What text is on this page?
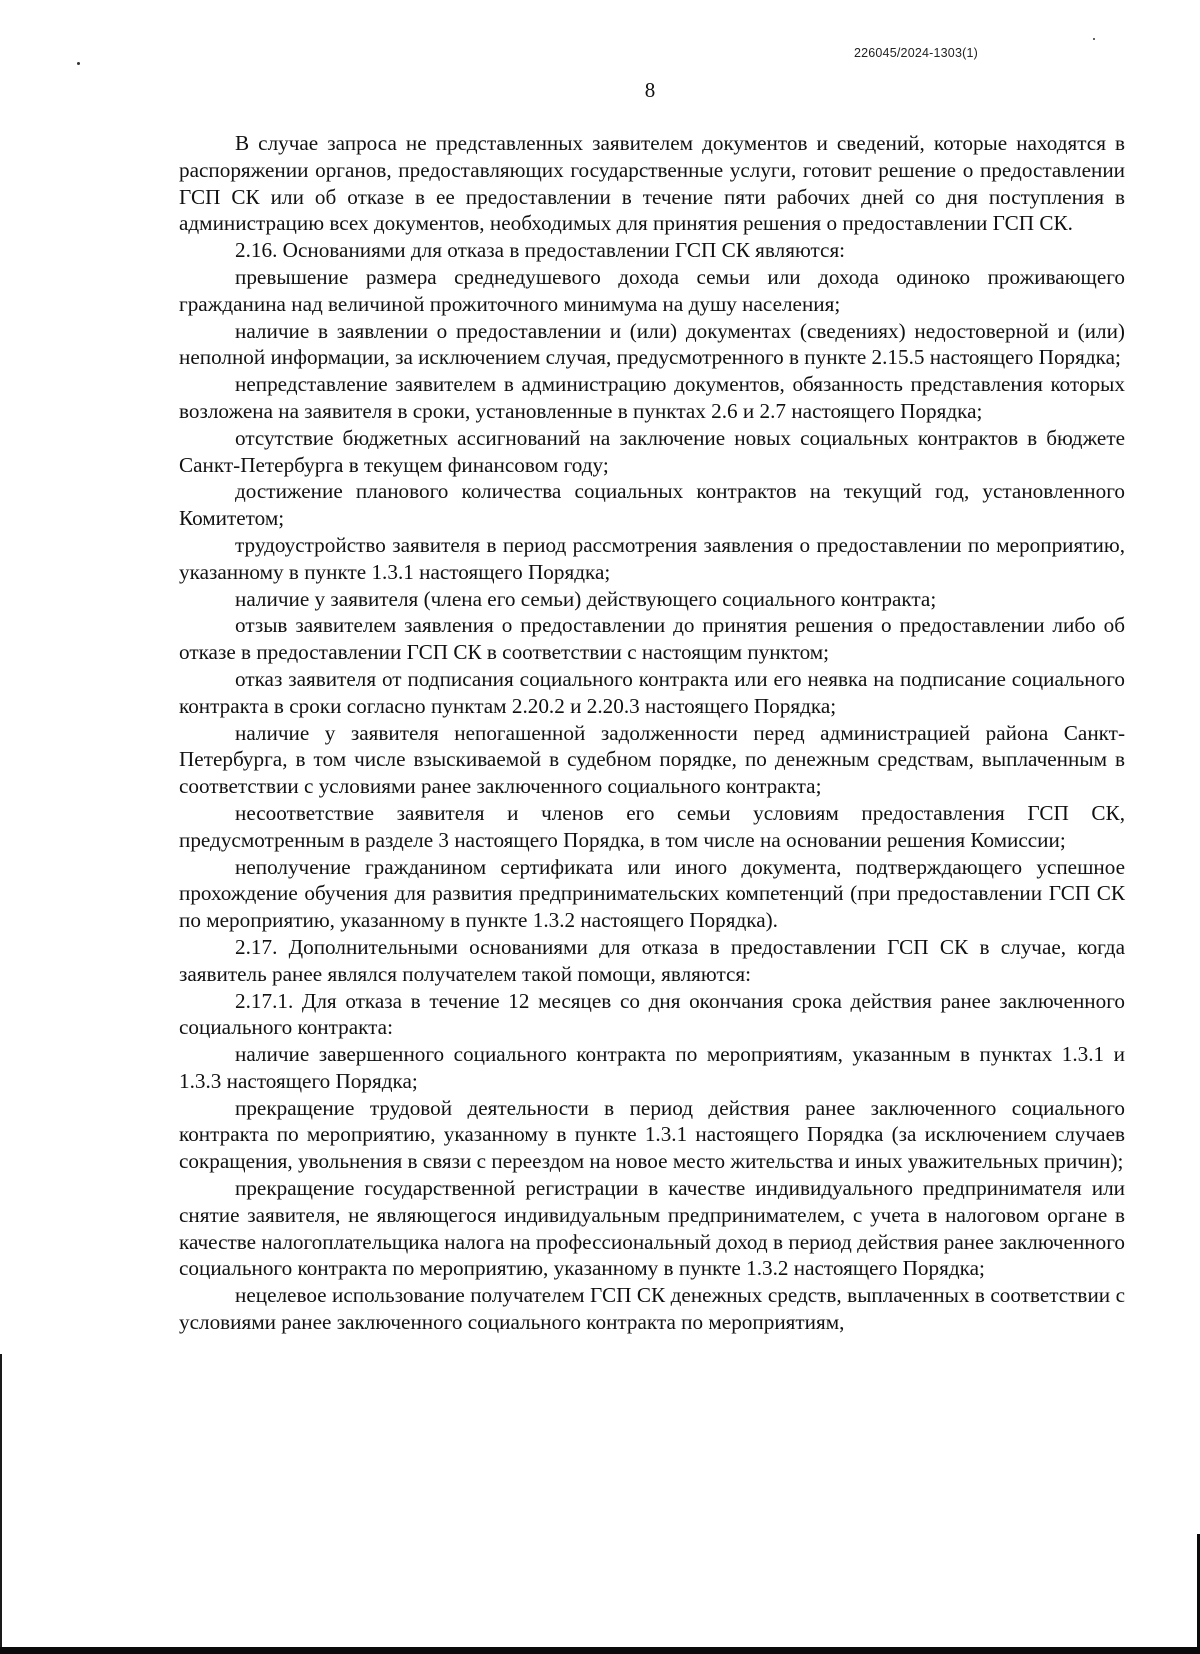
226045/2024-1303(1)
8

В случае запроса не представленных заявителем документов и сведений, которые находятся в распоряжении органов, предоставляющих государственные услуги, готовит решение о предоставлении ГСП СК или об отказе в ее предоставлении в течение пяти рабочих дней со дня поступления в администрацию всех документов, необходимых для принятия решения о предоставлении ГСП СК.

2.16. Основаниями для отказа в предоставлении ГСП СК являются:

превышение размера среднедушевого дохода семьи или дохода одиноко проживающего гражданина над величиной прожиточного минимума на душу населения;

наличие в заявлении о предоставлении и (или) документах (сведениях) недостоверной и (или) неполной информации, за исключением случая, предусмотренного в пункте 2.15.5 настоящего Порядка;

непредставление заявителем в администрацию документов, обязанность представления которых возложена на заявителя в сроки, установленные в пунктах 2.6 и 2.7 настоящего Порядка;

отсутствие бюджетных ассигнований на заключение новых социальных контрактов в бюджете Санкт-Петербурга в текущем финансовом году;

достижение планового количества социальных контрактов на текущий год, установленного Комитетом;

трудоустройство заявителя в период рассмотрения заявления о предоставлении по мероприятию, указанному в пункте 1.3.1 настоящего Порядка;

наличие у заявителя (члена его семьи) действующего социального контракта;

отзыв заявителем заявления о предоставлении до принятия решения о предоставлении либо об отказе в предоставлении ГСП СК в соответствии с настоящим пунктом;

отказ заявителя от подписания социального контракта или его неявка на подписание социального контракта в сроки согласно пунктам 2.20.2 и 2.20.3 настоящего Порядка;

наличие у заявителя непогашенной задолженности перед администрацией района Санкт-Петербурга, в том числе взыскиваемой в судебном порядке, по денежным средствам, выплаченным в соответствии с условиями ранее заключенного социального контракта;

несоответствие заявителя и членов его семьи условиям предоставления ГСП СК, предусмотренным в разделе 3 настоящего Порядка, в том числе на основании решения Комиссии;

неполучение гражданином сертификата или иного документа, подтверждающего успешное прохождение обучения для развития предпринимательских компетенций (при предоставлении ГСП СК по мероприятию, указанному в пункте 1.3.2 настоящего Порядка).

2.17. Дополнительными основаниями для отказа в предоставлении ГСП СК в случае, когда заявитель ранее являлся получателем такой помощи, являются:

2.17.1. Для отказа в течение 12 месяцев со дня окончания срока действия ранее заключенного социального контракта:

наличие завершенного социального контракта по мероприятиям, указанным в пунктах 1.3.1 и 1.3.3 настоящего Порядка;

прекращение трудовой деятельности в период действия ранее заключенного социального контракта по мероприятию, указанному в пункте 1.3.1 настоящего Порядка (за исключением случаев сокращения, увольнения в связи с переездом на новое место жительства и иных уважительных причин);

прекращение государственной регистрации в качестве индивидуального предпринимателя или снятие заявителя, не являющегося индивидуальным предпринимателем, с учета в налоговом органе в качестве налогоплательщика налога на профессиональный доход в период действия ранее заключенного социального контракта по мероприятию, указанному в пункте 1.3.2 настоящего Порядка;

нецелевое использование получателем ГСП СК денежных средств, выплаченных в соответствии с условиями ранее заключенного социального контракта по мероприятиям,
